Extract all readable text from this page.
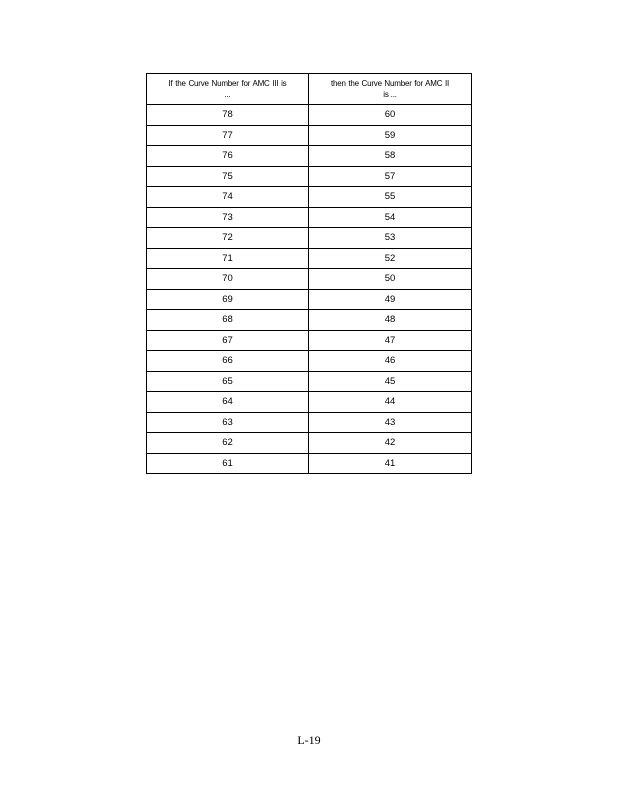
If the Curve Number for AMC III is ...	then the Curve Number for AMC II is ...
78	60
77	59
76	58
75	57
74	55
73	54
72	53
71	52
70	50
69	49
68	48
67	47
66	46
65	45
64	44
63	43
62	42
61	41
L-19
